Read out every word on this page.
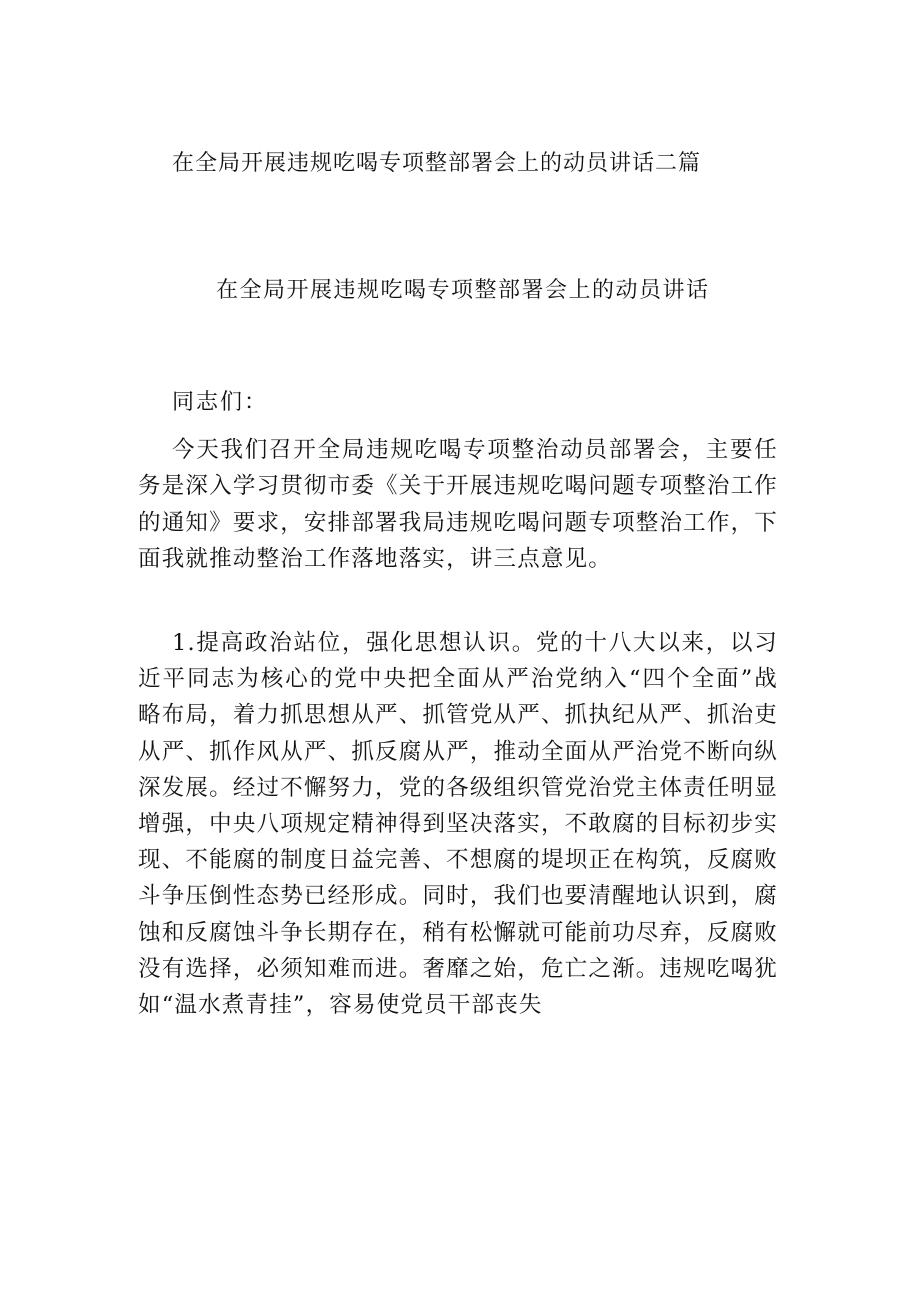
在全局开展违规吃喝专项整部署会上的动员讲话二篇
在全局开展违规吃喝专项整部署会上的动员讲话

同志们：

今天我们召开全局违规吃喝专项整治动员部署会，主要任务是深入学习贯彻市委《关于开展违规吃喝问题专项整治工作的通知》要求，安排部署我局违规吃喝问题专项整治工作，下面我就推动整治工作落地落实，讲三点意见。

1.提高政治站位，强化思想认识。党的十八大以来，以习近平同志为核心的党中央把全面从严治党纳入“四个全面”战略布局，着力抓思想从严、抓管党从严、抓执纪从严、抓治吏从严、抓作风从严、抓反腐从严，推动全面从严治党不断向纵深发展。经过不懈努力，党的各级组织管党治党主体责任明显增强，中央八项规定精神得到坚决落实，不敢腐的目标初步实现、不能腐的制度日益完善、不想腐的堤坝正在构筑，反腐败斗争压倒性态势已经形成。同时，我们也要清醒地认识到，腐蚀和反腐蚀斗争长期存在，稍有松懈就可能前功尽弃，反腐败没有选择，必须知难而进。奢靡之始，危亡之渐。违规吃喝犹如“温水煮青挂”，容易使党员干部丧失
